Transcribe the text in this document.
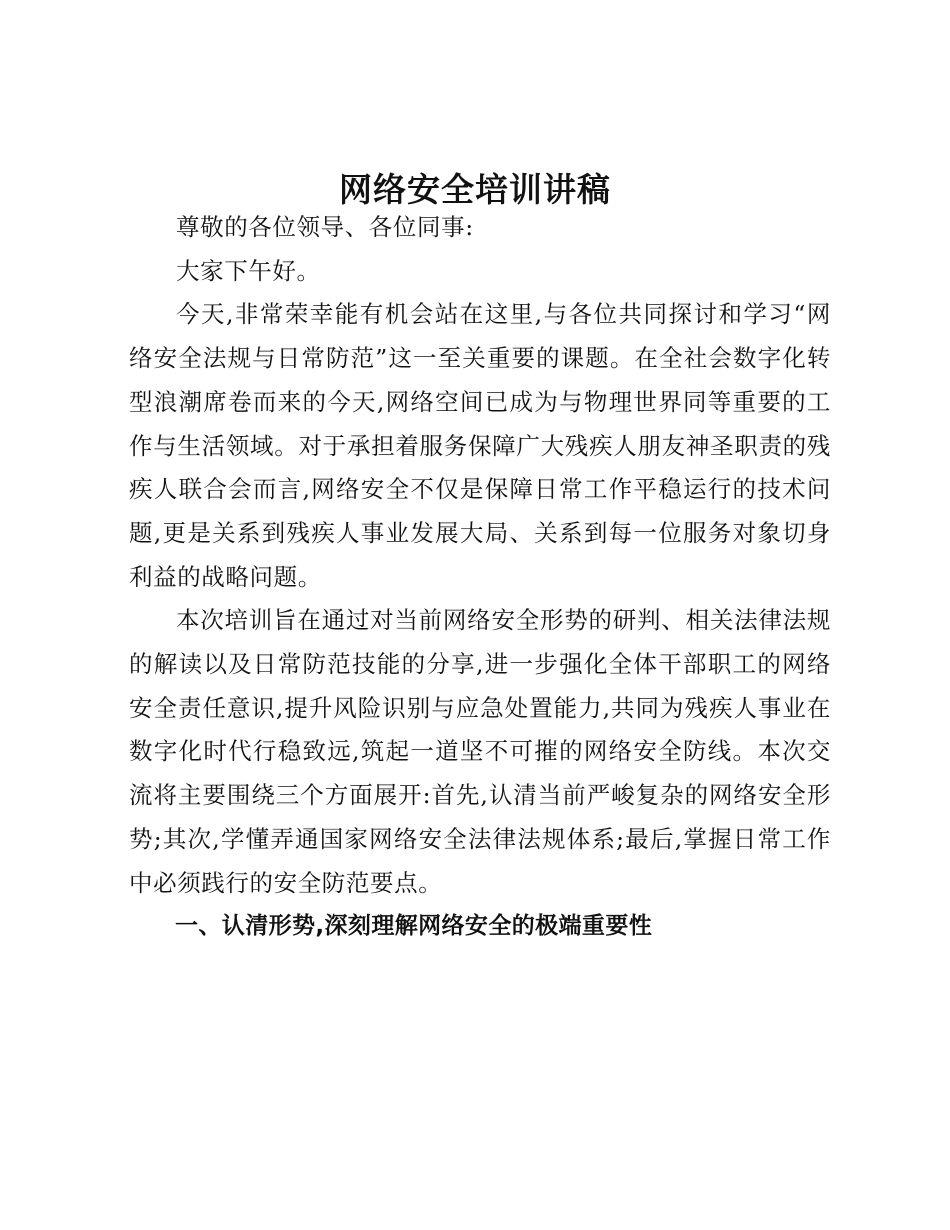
网络安全培训讲稿

尊敬的各位领导、各位同事:

大家下午好。

今天,非常荣幸能有机会站在这里,与各位共同探讨和学习“网络安全法规与日常防范”这一至关重要的课题。在全社会数字化转型浪潮席卷而来的今天,网络空间已成为与物理世界同等重要的工作与生活领域。对于承担着服务保障广大残疾人朋友神圣职责的残疾人联合会而言,网络安全不仅是保障日常工作平稳运行的技术问题,更是关系到残疾人事业发展大局、关系到每一位服务对象切身利益的战略问题。

本次培训旨在通过对当前网络安全形势的研判、相关法律法规的解读以及日常防范技能的分享,进一步强化全体干部职工的网络安全责任意识,提升风险识别与应急处置能力,共同为残疾人事业在数字化时代行稳致远,筑起一道坚不可摧的网络安全防线。本次交流将主要围绕三个方面展开:首先,认清当前严峻复杂的网络安全形势;其次,学懂弄通国家网络安全法律法规体系;最后,掌握日常工作中必须践行的安全防范要点。

一、认清形势,深刻理解网络安全的极端重要性
